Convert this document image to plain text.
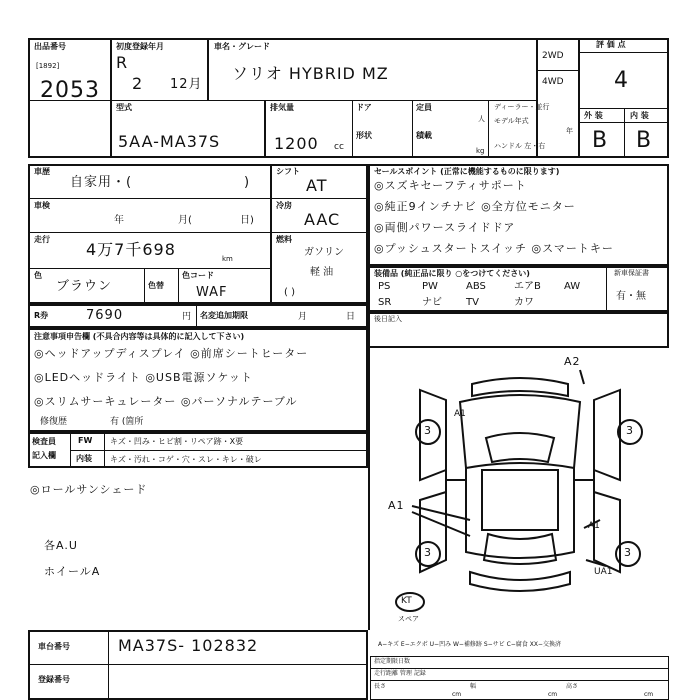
出品番号
[1892]
2053
初度登録年月
R
2 12月
車名・グレード
ソリオ HYBRID MZ
2WD
4WD
評 価 点
4
型式
5AA-MA37S
排気量
1200 cc
ドア
形状
定員
人
積載
kg
ディーラー・並行
モデル年式
年
ハンドル 左・右
外 装	内 装
B B
車歴
自家用・(	)
車検
年	月(	日)
走行
4万7千698	km
色
ブラウン	色替
色コード
WAF
シフト
AT
冷房
AAC
燃料
ガソリン
軽 油
( )
セールスポイント (正常に機能するものに限ります)
◎スズキセーフティサポート
◎純正9インチナビ ◎全方位モニター
◎両側パワースライドドア
◎プッシュスタートスイッチ ◎スマートキー
装備品 (純正品に限り ○をつけてください)	新車保証書
有・無
PS	PW	ABS	エアB AW
SR	ナビ TV	カワ
R券	7690	円 名変追加期限	月	日	後日記入
注意事項申告欄 (不具合内容等は具体的に記入して下さい)
◎ヘッドアップディスプレイ ◎前席シートヒーター
◎LEDヘッドライト ◎USB電源ソケット
◎スリムサーキュレーター ◎パーソナルテーブル
修復歴	有 (箇所
検査員
記入欄
FW キズ・凹み・ヒビ割・リペア跡・X要
内装 キズ・汚れ・コゲ・穴・スレ・キレ・破レ
◎ロールサンシェード
各A.U
ホイールA
A2
A1
3	3
3	3
A1
A1
UA1
KT
スペア
車台番号	MA37S- 102832
登録番号
A−キズ E−エクボ U−凹み W−補修跡 S−サビ C−腐食 XX−交換済
指定期限日数
走行距離 管理 記録
長さ	幅	高さ
cm	cm	cm
